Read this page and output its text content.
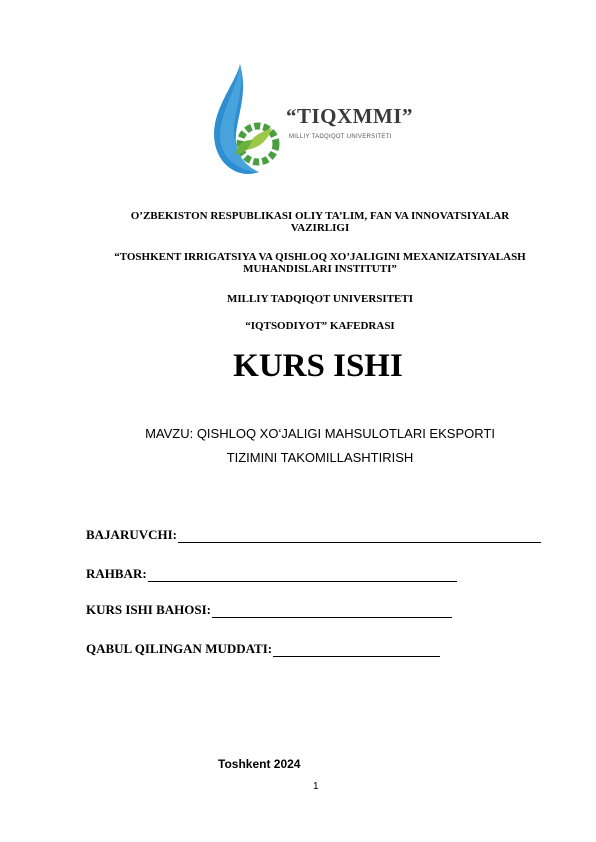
“TIQXMMI”
MILLIY TADQIQOT UNIVERSITETI
O’ZBEKISTON RESPUBLIKASI OLIY TA’LIM, FAN VA INNOVATSIYALAR
VAZIRLIGI
“TOSHKENT IRRIGATSIYA VA QISHLOQ XO’JALIGINI MEXANIZATSIYALASH
MUHANDISLARI INSTITUTI”
MILLIY TADQIQOT UNIVERSITETI
“IQTSODIYOT” KAFEDRASI
KURS ISHI
MAVZU: QISHLOQ XO‘JALIGI MAHSULOTLARI EKSPORTI
TIZIMINI TAKOMILLASHTIRISH
BAJARUVCHI:
RAHBAR:
KURS ISHI BAHOSI:
QABUL QILINGAN MUDDATI:
Toshkent 2024
1
